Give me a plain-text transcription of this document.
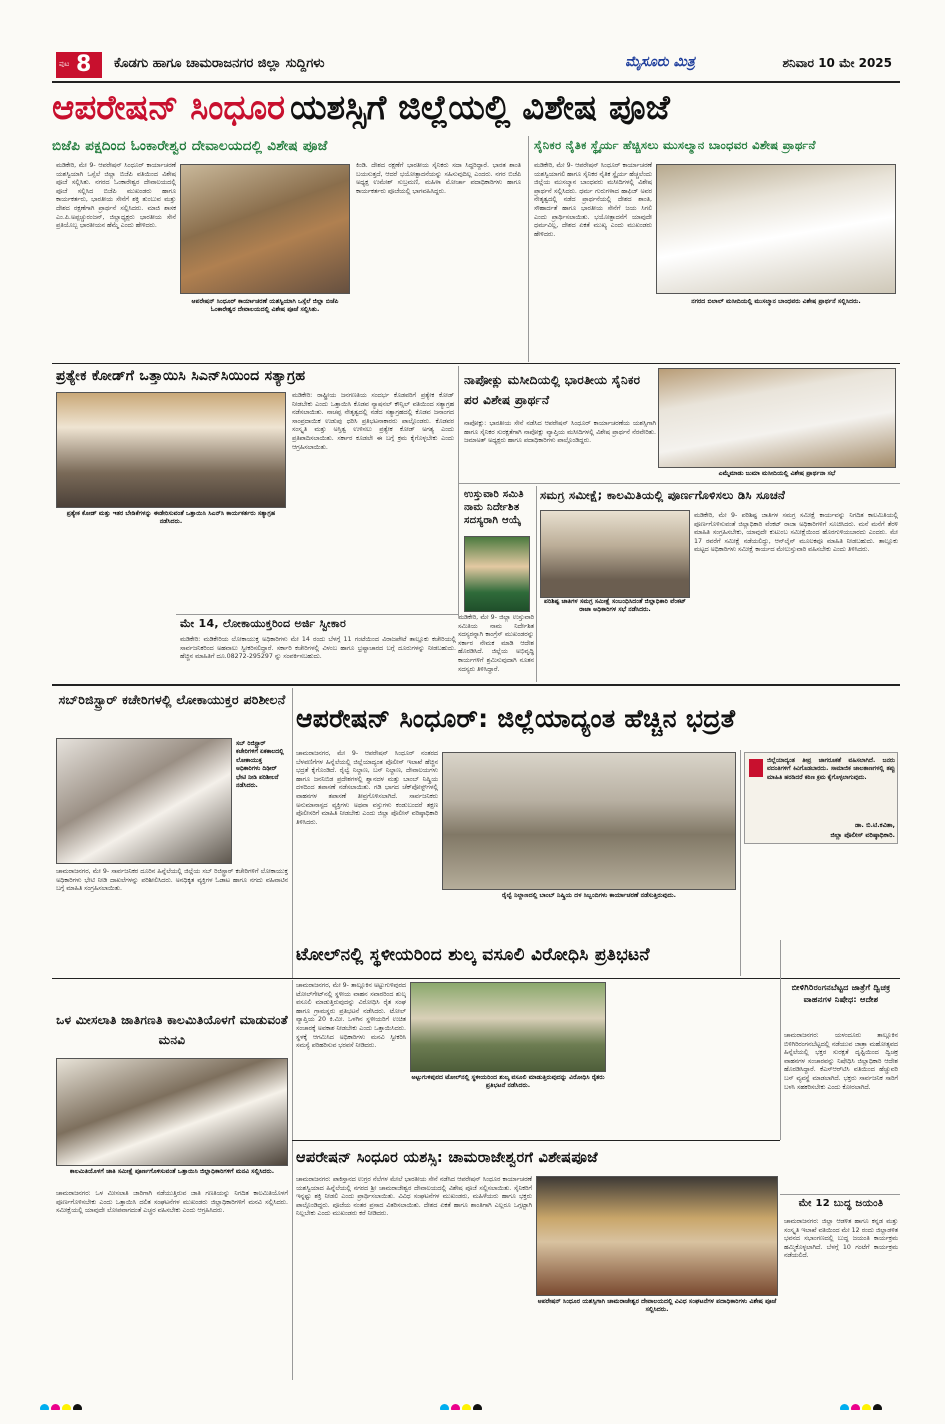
ಪುಟ 8 ಕೊಡಗು ಹಾಗೂ ಚಾಮರಾಜನಗರ ಜಿಲ್ಲಾ ಸುದ್ದಿಗಳು	ಮೈಸೂರು ಮಿತ್ರ	ಶನಿವಾರ 10 ಮೇ 2025
ಆಪರೇಷನ್ ಸಿಂಧೂರ ಯಶಸ್ಸಿಗೆ ಜಿಲ್ಲೆಯಲ್ಲಿ ವಿಶೇಷ ಪೂಜೆ
ಬಿಜೆಪಿ ಪಕ್ಷದಿಂದ ಓಂಕಾರೇಶ್ವರ ದೇವಾಲಯದಲ್ಲಿ ವಿಶೇಷ ಪೂಜೆ
ಮಡಿಕೇರಿ, ಮೇ 9- ಆಪರೇಷನ್ ಸಿಂಧೂರ್ ಕಾರ್ಯಾಚರಣೆ ಯಶಸ್ವಿಯಾಗಿ ಒಸ್ಸೆಲೆ ಜಿಲ್ಲಾ ಬಿಜೆಪಿ ವತಿಯಿಂದ ವಿಶೇಷ ಪೂಜೆ ಸಲ್ಲಿಸಿತು. ನಗರದ ಓಂಕಾರೇಶ್ವರ ದೇವಾಲಯದಲ್ಲಿ ಪೂಜೆ ಸಲ್ಲಿಸಿದ ಬಿಜೆಪಿ ಮುಖಂಡರು ಹಾಗೂ ಕಾರ್ಯಕರ್ತರು, ಭಾರತೀಯ ಸೇನೆಗೆ ಶಕ್ತಿ ತುಂಬುವ ಮತ್ತು ದೇಶದ ರಕ್ಷಣೆಗಾಗಿ ಪ್ರಾರ್ಥನೆ ಸಲ್ಲಿಸಿದರು. ಮಾಜಿ ಶಾಸಕ ಎಂ.ಪಿ.ಅಪ್ಪಚ್ಚುರಂಜನ್, ಜಿಲ್ಲಾಧ್ಯಕ್ಷರು ಭಾರತೀಯ ಸೇನೆ ಪ್ರತಿಯೊಬ್ಬ ಭಾರತೀಯನ ಹೆಮ್ಮೆ ಎಂದು ಹೇಳಿದರು.
ಆಪರೇಷನ್ ಸಿಂಧೂರ್ ಕಾರ್ಯಾಚರಣೆ ಯಶಸ್ವಿಯಾಗಿ ಒಸ್ಸೆಲೆ ಜಿಲ್ಲಾ ಬಿಜೆಪಿ ಓಂಕಾರೇಶ್ವರ ದೇವಾಲಯದಲ್ಲಿ ವಿಶೇಷ ಪೂಜೆ ಸಲ್ಲಿಸಿತು.
ಕಿಂಡಿ. ದೇಶದ ರಕ್ಷಣೆಗೆ ಭಾರತೀಯ ಸೈನಿಕರು ಸದಾ ಸಿದ್ಧರಿದ್ದಾರೆ. ಭಾರತ ಶಾಂತಿ ಬಯಸುತ್ತದೆ, ಆದರೆ ಭಯೋತ್ಪಾದನೆಯನ್ನು ಸಹಿಸುವುದಿಲ್ಲ ಎಂದರು. ನಗರ ಬಿಜೆಪಿ ಅಧ್ಯಕ್ಷ ಉಮೇಶ್ ಸುಬ್ರಮಣಿ, ಮಹಿಳಾ ಮೋರ್ಚಾ ಪದಾಧಿಕಾರಿಗಳು ಹಾಗೂ ಕಾರ್ಯಕರ್ತರು ಪೂಜೆಯಲ್ಲಿ ಭಾಗವಹಿಸಿದ್ದರು.
ಸೈನಿಕರ ನೈತಿಕ ಸ್ಥೈರ್ಯ ಹೆಚ್ಚಿಸಲು ಮುಸಲ್ಮಾನ ಬಾಂಧವರ ವಿಶೇಷ ಪ್ರಾರ್ಥನೆ
ಮಡಿಕೇರಿ, ಮೇ 9- ಆಪರೇಷನ್ ಸಿಂಧೂರ್ ಕಾರ್ಯಾಚರಣೆ ಯಶಸ್ವಿಯಾಗಲಿ ಹಾಗೂ ಸೈನಿಕರ ನೈತಿಕ ಸ್ಥೈರ್ಯ ಹೆಚ್ಚಲೆಂದು ಜಿಲ್ಲೆಯ ಮುಸಲ್ಮಾನ ಬಾಂಧವರು ಮಸೀದಿಗಳಲ್ಲಿ ವಿಶೇಷ ಪ್ರಾರ್ಥನೆ ಸಲ್ಲಿಸಿದರು. ಧರ್ಮ ಗುರುಗಳಾದ ಹಾಫಿಜ್ ಅವರ ನೇತೃತ್ವದಲ್ಲಿ ನಡೆದ ಪ್ರಾರ್ಥನೆಯಲ್ಲಿ ದೇಶದ ಶಾಂತಿ, ಸೌಹಾರ್ದತೆ ಹಾಗೂ ಭಾರತೀಯ ಸೇನೆಗೆ ಜಯ ಸಿಗಲಿ ಎಂದು ಪ್ರಾರ್ಥಿಸಲಾಯಿತು. ಭಯೋತ್ಪಾದನೆಗೆ ಯಾವುದೇ ಧರ್ಮವಿಲ್ಲ, ದೇಶದ ಏಕತೆ ಮುಖ್ಯ ಎಂದು ಮುಖಂಡರು ಹೇಳಿದರು.
ನಗರದ ಬಿಲಾಲ್ ಮಸೀದಿಯಲ್ಲಿ ಮುಸಲ್ಮಾನ ಬಾಂಧವರು ವಿಶೇಷ ಪ್ರಾರ್ಥನೆ ಸಲ್ಲಿಸಿದರು.
ಪ್ರತ್ಯೇಕ ಕೋಡ್‌ಗೆ ಒತ್ತಾಯಿಸಿ ಸಿಎನ್‌ಸಿಯಿಂದ ಸತ್ಯಾಗ್ರಹ
ಪ್ರತ್ಯೇಕ ಕೋಡ್ ಮತ್ತು ಇತರ ಬೇಡಿಕೆಗಳನ್ನು ಈಡೇರಿಸುವಂತೆ ಒತ್ತಾಯಿಸಿ ಸಿಎನ್‌ಸಿ ಕಾರ್ಯಕರ್ತರು ಸತ್ಯಾಗ್ರಹ ನಡೆಸಿದರು.
ಮಡಿಕೇರಿ: ರಾಷ್ಟ್ರೀಯ ಜನಗಣತಿಯ ಸಂದರ್ಭ ಕೊಡವರಿಗೆ ಪ್ರತ್ಯೇಕ ಕೋಡ್ ನೀಡಬೇಕು ಎಂದು ಒತ್ತಾಯಿಸಿ ಕೊಡವ ನ್ಯಾಷನಲ್ ಕೌನ್ಸಿಲ್ ವತಿಯಿಂದ ಸತ್ಯಾಗ್ರಹ ನಡೆಸಲಾಯಿತು. ನಾಚಪ್ಪ ನೇತೃತ್ವದಲ್ಲಿ ನಡೆದ ಸತ್ಯಾಗ್ರಹದಲ್ಲಿ ಕೊಡವ ಜನಾಂಗದ ಸಾಂಪ್ರದಾಯಿಕ ಉಡುಪು ಧರಿಸಿ ಪ್ರತಿಭಟನಾಕಾರರು ಪಾಲ್ಗೊಂಡರು. ಕೊಡವರ ಸಂಸ್ಕೃತಿ ಮತ್ತು ಅಸ್ತಿತ್ವ ಉಳಿಸಲು ಪ್ರತ್ಯೇಕ ಕೋಡ್ ಅಗತ್ಯ ಎಂದು ಪ್ರತಿಪಾದಿಸಲಾಯಿತು. ಸರ್ಕಾರ ಕೂಡಲೇ ಈ ಬಗ್ಗೆ ಕ್ರಮ ಕೈಗೊಳ್ಳಬೇಕು ಎಂದು ಆಗ್ರಹಿಸಲಾಯಿತು.
ನಾಪೋಕ್ಲು ಮಸೀದಿಯಲ್ಲಿ ಭಾರತೀಯ ಸೈನಿಕರ ಪರ ವಿಶೇಷ ಪ್ರಾರ್ಥನೆ
ನಾಪೋಕ್ಲು: ಭಾರತೀಯ ಸೇನೆ ನಡೆಸಿದ ಆಪರೇಷನ್ ಸಿಂಧೂರ್ ಕಾರ್ಯಾಚರಣೆಯ ಯಶಸ್ಸಿಗಾಗಿ ಹಾಗೂ ಸೈನಿಕರ ಸುರಕ್ಷತೆಗಾಗಿ ನಾಪೋಕ್ಲು ವ್ಯಾಪ್ತಿಯ ಮಸೀದಿಗಳಲ್ಲಿ ವಿಶೇಷ ಪ್ರಾರ್ಥನೆ ನೆರವೇರಿತು. ಜಮಾಅತ್ ಅಧ್ಯಕ್ಷರು ಹಾಗೂ ಪದಾಧಿಕಾರಿಗಳು ಪಾಲ್ಗೊಂಡಿದ್ದರು.
ಎಮ್ಮೆಮಾಡು ಜುಮಾ ಮಸೀದಿಯಲ್ಲಿ ವಿಶೇಷ ಪ್ರಾರ್ಥನಾ ಸಭೆ
ಉಸ್ತುವಾರಿ ಸಮಿತಿ ನಾಮ ನಿರ್ದೇಶಿತ ಸದಸ್ಯರಾಗಿ ಆಯ್ಕೆ
ಸಮಗ್ರ ಸಮೀಕ್ಷೆ; ಕಾಲಮಿತಿಯಲ್ಲಿ ಪೂರ್ಣಗೊಳಿಸಲು ಡಿಸಿ ಸೂಚನೆ
ಪರಿಶಿಷ್ಟ ಜಾತಿಗಳ ಸಮಗ್ರ ಸಮೀಕ್ಷೆ ಸಂಬಂಧಿಸಿದಂತೆ ಜಿಲ್ಲಾಧಿಕಾರಿ ವೆಂಕಟ್ ರಾಜಾ ಅಧಿಕಾರಿಗಳ ಸಭೆ ನಡೆಸಿದರು.
ಮಡಿಕೇರಿ, ಮೇ 9- ಪರಿಶಿಷ್ಟ ಜಾತಿಗಳ ಸಮಗ್ರ ಸಮೀಕ್ಷೆ ಕಾರ್ಯವನ್ನು ನಿಗದಿತ ಕಾಲಮಿತಿಯಲ್ಲಿ ಪೂರ್ಣಗೊಳಿಸುವಂತೆ ಜಿಲ್ಲಾಧಿಕಾರಿ ವೆಂಕಟ್ ರಾಜಾ ಅಧಿಕಾರಿಗಳಿಗೆ ಸೂಚಿಸಿದರು. ಮನೆ ಮನೆಗೆ ತೆರಳಿ ಮಾಹಿತಿ ಸಂಗ್ರಹಿಸಬೇಕು, ಯಾವುದೇ ಕುಟುಂಬ ಸಮೀಕ್ಷೆಯಿಂದ ಹೊರಗುಳಿಯಬಾರದು ಎಂದರು. ಮೇ 17 ರವರೆಗೆ ಸಮೀಕ್ಷೆ ನಡೆಯಲಿದ್ದು, ಆನ್‌ಲೈನ್ ಮೂಲಕವೂ ಮಾಹಿತಿ ನೀಡಬಹುದು. ತಾಲ್ಲೂಕು ಮಟ್ಟದ ಅಧಿಕಾರಿಗಳು ಸಮೀಕ್ಷೆ ಕಾರ್ಯದ ಮೇಲುಸ್ತುವಾರಿ ವಹಿಸಬೇಕು ಎಂದು ತಿಳಿಸಿದರು.
ಮಡಿಕೇರಿ, ಮೇ 9- ಜಿಲ್ಲಾ ಉಸ್ತುವಾರಿ ಸಮಿತಿಯ ನಾಮ ನಿರ್ದೇಶಿತ ಸದಸ್ಯರನ್ನಾಗಿ ಕಾಂಗ್ರೆಸ್ ಮುಖಂಡರನ್ನು ಸರ್ಕಾರ ನೇಮಕ ಮಾಡಿ ಆದೇಶ ಹೊರಡಿಸಿದೆ. ಜಿಲ್ಲೆಯ ಅಭಿವೃದ್ಧಿ ಕಾರ್ಯಗಳಿಗೆ ಶ್ರಮಿಸುವುದಾಗಿ ನೂತನ ಸದಸ್ಯರು ತಿಳಿಸಿದ್ದಾರೆ.
ಮೇ 14, ಲೋಕಾಯುಕ್ತರಿಂದ ಅರ್ಜಿ ಸ್ವೀಕಾರ
ಮಡಿಕೇರಿ: ಮಡಿಕೇರಿಯ ಲೋಕಾಯುಕ್ತ ಅಧಿಕಾರಿಗಳು ಮೇ 14 ರಂದು ಬೆಳಗ್ಗೆ 11 ಗಂಟೆಯಿಂದ ವಿರಾಜಪೇಟೆ ತಾಲ್ಲೂಕು ಕಚೇರಿಯಲ್ಲಿ ಸಾರ್ವಜನಿಕರಿಂದ ಅಹವಾಲು ಸ್ವೀಕರಿಸಲಿದ್ದಾರೆ. ಸರ್ಕಾರಿ ಕಚೇರಿಗಳಲ್ಲಿ ವಿಳಂಬ ಹಾಗೂ ಭ್ರಷ್ಟಾಚಾರದ ಬಗ್ಗೆ ದೂರುಗಳನ್ನು ನೀಡಬಹುದು. ಹೆಚ್ಚಿನ ಮಾಹಿತಿಗೆ ದೂ.08272-295297 ನ್ನು ಸಂಪರ್ಕಿಸಬಹುದು.
ಸಬ್‌ರಿಜಿಸ್ಟ್ರಾರ್ ಕಚೇರಿಗಳಲ್ಲಿ ಲೋಕಾಯುಕ್ತರ ಪರಿಶೀಲನೆ
ಸಬ್ ರಿಜಿಸ್ಟ್ರಾರ್ ಕಚೇರಿಗಳಿಗೆ ಏಕಕಾಲದಲ್ಲಿ ಲೋಕಾಯುಕ್ತ ಅಧಿಕಾರಿಗಳು ದಿಢೀರ್ ಭೇಟಿ ನೀಡಿ ಪರಿಶೀಲನೆ ನಡೆಸಿದರು.
ಚಾಮರಾಜನಗರ, ಮೇ 9- ಸಾರ್ವಜನಿಕರ ದೂರಿನ ಹಿನ್ನೆಲೆಯಲ್ಲಿ ಜಿಲ್ಲೆಯ ಸಬ್ ರಿಜಿಸ್ಟ್ರಾರ್ ಕಚೇರಿಗಳಿಗೆ ಲೋಕಾಯುಕ್ತ ಅಧಿಕಾರಿಗಳು ಭೇಟಿ ನೀಡಿ ದಾಖಲೆಗಳನ್ನು ಪರಿಶೀಲಿಸಿದರು. ಅನಧಿಕೃತ ವ್ಯಕ್ತಿಗಳ ಓಡಾಟ ಹಾಗೂ ನಗದು ವಹಿವಾಟಿನ ಬಗ್ಗೆ ಮಾಹಿತಿ ಸಂಗ್ರಹಿಸಲಾಯಿತು.
ಆಪರೇಷನ್ ಸಿಂಧೂರ್: ಜಿಲ್ಲೆಯಾದ್ಯಂತ ಹೆಚ್ಚಿನ ಭದ್ರತೆ
ಚಾಮರಾಜನಗರ, ಮೇ 9- ಆಪರೇಷನ್ ಸಿಂಧೂರ್ ನಂತರದ ಬೆಳವಣಿಗೆಗಳ ಹಿನ್ನೆಲೆಯಲ್ಲಿ ಜಿಲ್ಲೆಯಾದ್ಯಂತ ಪೊಲೀಸ್ ಇಲಾಖೆ ಹೆಚ್ಚಿನ ಭದ್ರತೆ ಕೈಗೊಂಡಿದೆ. ರೈಲ್ವೆ ನಿಲ್ದಾಣ, ಬಸ್ ನಿಲ್ದಾಣ, ದೇವಾಲಯಗಳು ಹಾಗೂ ಜನನಿಬಿಡ ಪ್ರದೇಶಗಳಲ್ಲಿ ಶ್ವಾನದಳ ಮತ್ತು ಬಾಂಬ್ ನಿಷ್ಕ್ರಿಯ ದಳದಿಂದ ತಪಾಸಣೆ ನಡೆಸಲಾಯಿತು. ಗಡಿ ಭಾಗದ ಚೆಕ್‌ಪೋಸ್ಟ್‌ಗಳಲ್ಲಿ ವಾಹನಗಳ ತಪಾಸಣೆ ತೀವ್ರಗೊಳಿಸಲಾಗಿದೆ. ಸಾರ್ವಜನಿಕರು ಅನುಮಾನಾಸ್ಪದ ವ್ಯಕ್ತಿಗಳು ಅಥವಾ ವಸ್ತುಗಳು ಕಂಡುಬಂದರೆ ತಕ್ಷಣ ಪೊಲೀಸರಿಗೆ ಮಾಹಿತಿ ನೀಡಬೇಕು ಎಂದು ಜಿಲ್ಲಾ ಪೊಲೀಸ್ ವರಿಷ್ಠಾಧಿಕಾರಿ ತಿಳಿಸಿದರು.
ರೈಲ್ವೆ ನಿಲ್ದಾಣದಲ್ಲಿ ಬಾಂಬ್ ನಿಷ್ಕ್ರಿಯ ದಳ ಸಿಬ್ಬಂದಿಗಳು ಕಾರ್ಯಾಚರಣೆ ನಡೆಸುತ್ತಿರುವುದು.
ಜಿಲ್ಲೆಯಾದ್ಯಂತ ತೀವ್ರ ಜಾಗರೂಕತೆ ವಹಿಸಲಾಗಿದೆ. ಜನರು ವದಂತಿಗಳಿಗೆ ಕಿವಿಗೊಡಬಾರದು. ಸಾಮಾಜಿಕ ಜಾಲತಾಣಗಳಲ್ಲಿ ತಪ್ಪು ಮಾಹಿತಿ ಹರಡಿದರೆ ಕಠಿಣ ಕ್ರಮ ಕೈಗೊಳ್ಳಲಾಗುವುದು.
ಡಾ. ಬಿ.ಟಿ.ಕವಿತಾ,
ಜಿಲ್ಲಾ ಪೊಲೀಸ್ ವರಿಷ್ಠಾಧಿಕಾರಿ.
ಒಳ ಮೀಸಲಾತಿ ಜಾತಿಗಣತಿ ಕಾಲಮಿತಿಯೊಳಗೆ ಮಾಡುವಂತೆ ಮನವಿ
ಕಾಲಮಿತಿಯೊಳಗೆ ಜಾತಿ ಸಮೀಕ್ಷೆ ಪೂರ್ಣಗೊಳಿಸುವಂತೆ ಒತ್ತಾಯಿಸಿ ಜಿಲ್ಲಾಧಿಕಾರಿಗಳಿಗೆ ಮನವಿ ಸಲ್ಲಿಸಿದರು.
ಚಾಮರಾಜನಗರ: ಒಳ ಮೀಸಲಾತಿ ಜಾರಿಗಾಗಿ ನಡೆಯುತ್ತಿರುವ ಜಾತಿ ಗಣತಿಯನ್ನು ನಿಗದಿತ ಕಾಲಮಿತಿಯೊಳಗೆ ಪೂರ್ಣಗೊಳಿಸಬೇಕು ಎಂದು ಒತ್ತಾಯಿಸಿ ದಲಿತ ಸಂಘಟನೆಗಳ ಮುಖಂಡರು ಜಿಲ್ಲಾಧಿಕಾರಿಗಳಿಗೆ ಮನವಿ ಸಲ್ಲಿಸಿದರು. ಸಮೀಕ್ಷೆಯಲ್ಲಿ ಯಾವುದೇ ಲೋಪವಾಗದಂತೆ ಎಚ್ಚರ ವಹಿಸಬೇಕು ಎಂದು ಆಗ್ರಹಿಸಿದರು.
ಟೋಲ್‌ನಲ್ಲಿ ಸ್ಥಳೀಯರಿಂದ ಶುಲ್ಕ ವಸೂಲಿ ವಿರೋಧಿಸಿ ಪ್ರತಿಭಟನೆ
ಚಾಮರಾಜನಗರ, ಮೇ 9- ತಾಲ್ಲೂಕಿನ ಅಟ್ಟುಗುಳಿಪುರದ ಟೋಲ್‌ಗೇಟ್‌ನಲ್ಲಿ ಸ್ಥಳೀಯ ವಾಹನ ಸವಾರರಿಂದ ಶುಲ್ಕ ವಸೂಲಿ ಮಾಡುತ್ತಿರುವುದನ್ನು ವಿರೋಧಿಸಿ ರೈತ ಸಂಘ ಹಾಗೂ ಗ್ರಾಮಸ್ಥರು ಪ್ರತಿಭಟನೆ ನಡೆಸಿದರು. ಟೋಲ್ ವ್ಯಾಪ್ತಿಯ 20 ಕಿ.ಮೀ. ಒಳಗಿನ ಸ್ಥಳೀಯರಿಗೆ ಉಚಿತ ಸಂಚಾರಕ್ಕೆ ಅವಕಾಶ ನೀಡಬೇಕು ಎಂದು ಒತ್ತಾಯಿಸಿದರು. ಸ್ಥಳಕ್ಕೆ ಆಗಮಿಸಿದ ಅಧಿಕಾರಿಗಳು ಮನವಿ ಸ್ವೀಕರಿಸಿ ಸಮಸ್ಯೆ ಪರಿಹರಿಸುವ ಭರವಸೆ ನೀಡಿದರು.
ಅಟ್ಟುಗುಳಿಪುರದ ಟೋಲ್‌ನಲ್ಲಿ ಸ್ಥಳೀಯರಿಂದ ಶುಲ್ಕ ವಸೂಲಿ ಮಾಡುತ್ತಿರುವುದನ್ನು ವಿರೋಧಿಸಿ ರೈತರು ಪ್ರತಿಭಟನೆ ನಡೆಸಿದರು.
ಬೀಳಿಗಿರಿರಂಗನಬೆಟ್ಟದ ಜಾತ್ರೆಗೆ ದ್ವಿಚಕ್ರ ವಾಹನಗಳ ನಿಷೇಧ: ಆದೇಶ
ಚಾಮರಾಜನಗರ: ಯಳಂದೂರು ತಾಲ್ಲೂಕಿನ ಬಿಳಿಗಿರಿರಂಗನಬೆಟ್ಟದಲ್ಲಿ ನಡೆಯುವ ಜಾತ್ರಾ ಮಹೋತ್ಸವದ ಹಿನ್ನೆಲೆಯಲ್ಲಿ ಭಕ್ತರ ಸುರಕ್ಷತೆ ದೃಷ್ಟಿಯಿಂದ ದ್ವಿಚಕ್ರ ವಾಹನಗಳ ಸಂಚಾರವನ್ನು ನಿಷೇಧಿಸಿ ಜಿಲ್ಲಾಧಿಕಾರಿ ಆದೇಶ ಹೊರಡಿಸಿದ್ದಾರೆ. ಕೆಎಸ್‌ಆರ್‌ಟಿಸಿ ವತಿಯಿಂದ ಹೆಚ್ಚುವರಿ ಬಸ್ ವ್ಯವಸ್ಥೆ ಮಾಡಲಾಗಿದೆ. ಭಕ್ತರು ಸಾರ್ವಜನಿಕ ಸಾರಿಗೆ ಬಳಸಿ ಸಹಕರಿಸಬೇಕು ಎಂದು ಕೋರಲಾಗಿದೆ.
ಆಪರೇಷನ್ ಸಿಂಧೂರ ಯಶಸ್ಸಿ: ಚಾಮರಾಜೇಶ್ವರಗೆ ವಿಶೇಷಪೂಜೆ
ಚಾಮರಾಜನಗರ: ಪಾಕಿಸ್ತಾನದ ಉಗ್ರರ ನೆಲೆಗಳ ಮೇಲೆ ಭಾರತೀಯ ಸೇನೆ ನಡೆಸಿದ ಆಪರೇಷನ್ ಸಿಂಧೂರ ಕಾರ್ಯಾಚರಣೆ ಯಶಸ್ವಿಯಾದ ಹಿನ್ನೆಲೆಯಲ್ಲಿ ನಗರದ ಶ್ರೀ ಚಾಮರಾಜೇಶ್ವರ ದೇವಾಲಯದಲ್ಲಿ ವಿಶೇಷ ಪೂಜೆ ಸಲ್ಲಿಸಲಾಯಿತು. ಸೈನಿಕರಿಗೆ ಇನ್ನಷ್ಟು ಶಕ್ತಿ ನೀಡಲಿ ಎಂದು ಪ್ರಾರ್ಥಿಸಲಾಯಿತು. ವಿವಿಧ ಸಂಘಟನೆಗಳ ಮುಖಂಡರು, ಮಹಿಳೆಯರು ಹಾಗೂ ಭಕ್ತರು ಪಾಲ್ಗೊಂಡಿದ್ದರು. ಪೂಜೆಯ ನಂತರ ಪ್ರಸಾದ ವಿತರಿಸಲಾಯಿತು. ದೇಶದ ಏಕತೆ ಹಾಗೂ ಶಾಂತಿಗಾಗಿ ಎಲ್ಲರೂ ಒಗ್ಗಟ್ಟಾಗಿ ನಿಲ್ಲಬೇಕು ಎಂದು ಮುಖಂಡರು ಕರೆ ನೀಡಿದರು.
ಆಪರೇಷನ್ ಸಿಂಧೂರ ಯಶಸ್ಸಿಗಾಗಿ ಚಾಮರಾಜೇಶ್ವರ ದೇವಾಲಯದಲ್ಲಿ ವಿವಿಧ ಸಂಘಟನೆಗಳ ಪದಾಧಿಕಾರಿಗಳು ವಿಶೇಷ ಪೂಜೆ ಸಲ್ಲಿಸಿದರು.
ಮೇ 12 ಬುದ್ಧ ಜಯಂತಿ
ಚಾಮರಾಜನಗರ: ಜಿಲ್ಲಾ ಆಡಳಿತ ಹಾಗೂ ಕನ್ನಡ ಮತ್ತು ಸಂಸ್ಕೃತಿ ಇಲಾಖೆ ವತಿಯಿಂದ ಮೇ 12 ರಂದು ಜಿಲ್ಲಾಡಳಿತ ಭವನದ ಸಭಾಂಗಣದಲ್ಲಿ ಬುದ್ಧ ಜಯಂತಿ ಕಾರ್ಯಕ್ರಮ ಹಮ್ಮಿಕೊಳ್ಳಲಾಗಿದೆ. ಬೆಳಗ್ಗೆ 10 ಗಂಟೆಗೆ ಕಾರ್ಯಕ್ರಮ ನಡೆಯಲಿದೆ.
